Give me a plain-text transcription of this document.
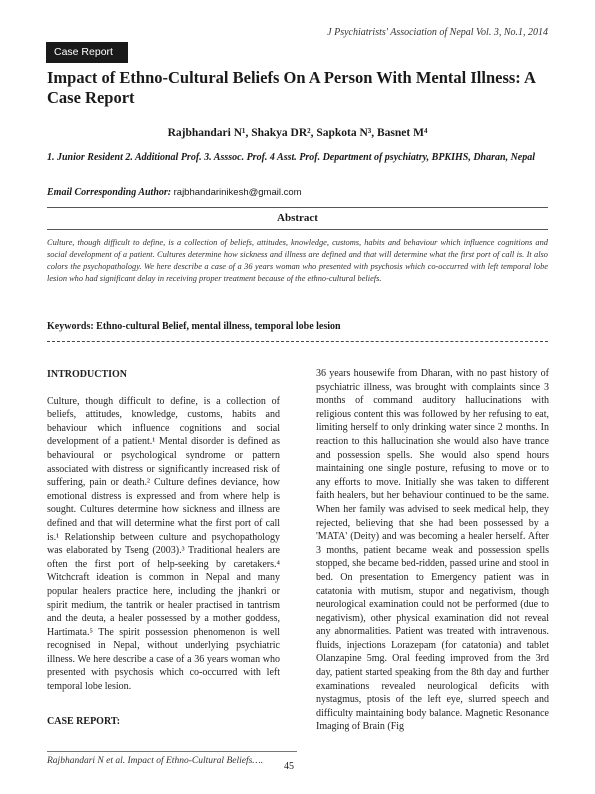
J Psychiatrists' Association of Nepal Vol. 3, No.1, 2014
Case Report
Impact of Ethno-Cultural Beliefs On A Person With Mental Illness: A Case Report
Rajbhandari N¹, Shakya DR², Sapkota N³, Basnet M⁴
1. Junior Resident 2. Additional Prof. 3. Asssoc. Prof. 4 Asst. Prof. Department of psychiatry, BPKIHS, Dharan, Nepal
Email Corresponding Author: rajbhandarinikesh@gmail.com
Abstract
Culture, though difficult to define, is a collection of beliefs, attitudes, knowledge, customs, habits and behaviour which influence cognitions and social development of a patient. Cultures determine how sickness and illness are defined and that will determine what the first port of call is. It also colors the psychopathology. We here describe a case of a 36 years woman who presented with psychosis which co-occurred with left temporal lobe lesion who had significant delay in receiving proper treatment because of the ethno-cultural beliefs.
Keywords: Ethno-cultural Belief, mental illness, temporal lobe lesion
INTRODUCTION

Culture, though difficult to define, is a collection of beliefs, attitudes, knowledge, customs, habits and behaviour which influence cognitions and social development of a patient.¹ Mental disorder is defined as behavioural or psychological syndrome or pattern associated with distress or significantly increased risk of suffering, pain or death.² Culture defines deviance, how emotional distress is expressed and from where help is sought. Cultures determine how sickness and illness are defined and that will determine what the first port of call is.¹ Relationship between culture and psychopathology was elaborated by Tseng (2003).³ Traditional healers are often the first port of help-seeking by caretakers.⁴ Witchcraft ideation is common in Nepal and many popular healers practice here, including the jhankri or spirit medium, the tantrik or healer practised in tantrism and the deuta, a healer possessed by a mother goddess, Hartimata.⁵ The spirit possession phenomenon is well recognised in Nepal, without underlying psychiatric illness. We here describe a case of a 36 years woman who presented with psychosis which co-occurred with left temporal lobe lesion.

CASE REPORT:

36 years housewife from Dharan, with no past history of psychiatric illness, was brought with complaints since 3 months of command auditory hallucinations with religious content this was followed by her refusing to eat, limiting herself to only drinking water since 2 months. In reaction to this hallucination she would also have trance and possession spells. She would also spend hours maintaining one single posture, refusing to move or to any efforts to move. Initially she was taken to different faith healers, but her behaviour continued to be the same. When her family was advised to seek medical help, they rejected, believing that she had been possessed by a 'MATA' (Deity) and was becoming a healer herself. After 3 months, patient became weak and possession spells stopped, she became bed-ridden, passed urine and stool in bed. On presentation to Emergency patient was in catatonia with mutism, stupor and negativism, though neurological examination could not be performed (due to negativism), other physical examination did not reveal any abnormalities. Patient was treated with intravenous. fluids, injections Lorazepam (for catatonia) and tablet Olanzapine 5mg. Oral feeding improved from the 3rd day, patient started speaking from the 8th day and further examinations revealed neurological deficits with nystagmus, ptosis of the left eye, slurred speech and difficulty maintaining body balance. Magnetic Resonance Imaging of Brain (Fig

Rajbhandari N et al. Impact of Ethno-Cultural Beliefs…. 45
